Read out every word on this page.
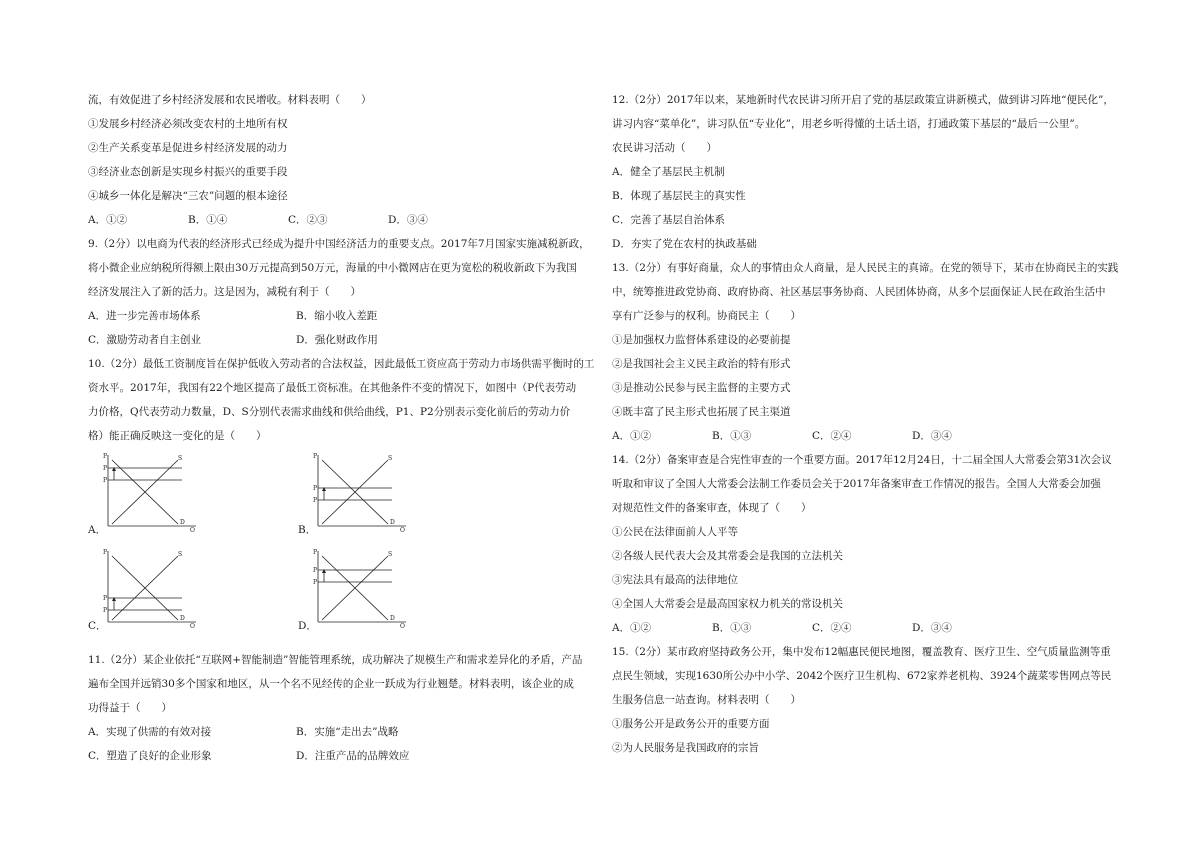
流，有效促进了乡村经济发展和农民增收。材料表明（　　）
①发展乡村经济必须改变农村的土地所有权
②生产关系变革是促进乡村经济发展的动力
③经济业态创新是实现乡村振兴的重要手段
④城乡一体化是解决“三农”问题的根本途径
A．①②	B．①④	C．②③	D．③④
9.（2分）以电商为代表的经济形式已经成为提升中国经济活力的重要支点。2017年7月国家实施减税新政，
将小微企业应纳税所得额上限由30万元提高到50万元，海量的中小微网店在更为宽松的税收新政下为我国
经济发展注入了新的活力。这是因为，减税有利于（　　）
A．进一步完善市场体系	B．缩小收入差距
C．激励劳动者自主创业	D．强化财政作用
10.（2分）最低工资制度旨在保护低收入劳动者的合法权益，因此最低工资应高于劳动力市场供需平衡时的工
资水平。2017年，我国有22个地区提高了最低工资标准。在其他条件不变的情况下，如图中（P代表劳动
力价格，Q代表劳动力数量，D、S分别代表需求曲线和供给曲线，P1、P2分别表示变化前后的劳动力价
格）能正确反映这一变化的是（　　）
P
Q
S
D
P
P
A．
P
Q
S
D
P
P
B．
P
Q
S
D
P
P
C．
P
Q
S
D
P
P
D．
11.（2分）某企业依托“互联网+智能制造”智能管理系统，成功解决了规模生产和需求差异化的矛盾，产品
遍布全国并远销30多个国家和地区，从一个名不见经传的企业一跃成为行业翘楚。材料表明，该企业的成
功得益于（　　）
A．实现了供需的有效对接	B．实施“走出去”战略
C．塑造了良好的企业形象	D．注重产品的品牌效应
12.（2分）2017年以来，某地新时代农民讲习所开启了党的基层政策宣讲新模式，做到讲习阵地“便民化”，
讲习内容“菜单化”，讲习队伍“专业化”，用老乡听得懂的土话土语，打通政策下基层的“最后一公里”。
农民讲习活动（　　）
A．健全了基层民主机制
B．体现了基层民主的真实性
C．完善了基层自治体系
D．夯实了党在农村的执政基础
13.（2分）有事好商量，众人的事情由众人商量，是人民民主的真谛。在党的领导下，某市在协商民主的实践
中，统筹推进政党协商、政府协商、社区基层事务协商、人民团体协商，从多个层面保证人民在政治生活中
享有广泛参与的权利。协商民主（　　）
①是加强权力监督体系建设的必要前提
②是我国社会主义民主政治的特有形式
③是推动公民参与民主监督的主要方式
④既丰富了民主形式也拓展了民主渠道
A．①②	B．①③	C．②④	D．③④
14.（2分）备案审查是合宪性审查的一个重要方面。2017年12月24日，十二届全国人大常委会第31次会议
听取和审议了全国人大常委会法制工作委员会关于2017年备案审查工作情况的报告。全国人大常委会加强
对规范性文件的备案审查，体现了（　　）
①公民在法律面前人人平等
②各级人民代表大会及其常委会是我国的立法机关
③宪法具有最高的法律地位
④全国人大常委会是最高国家权力机关的常设机关
A．①②	B．①③	C．②④	D．③④
15.（2分）某市政府坚持政务公开，集中发布12幅惠民便民地图，覆盖教育、医疗卫生、空气质量监测等重
点民生领域，实现1630所公办中小学、2042个医疗卫生机构、672家养老机构、3924个蔬菜零售网点等民
生服务信息一站查询。材料表明（　　）
①服务公开是政务公开的重要方面
②为人民服务是我国政府的宗旨
